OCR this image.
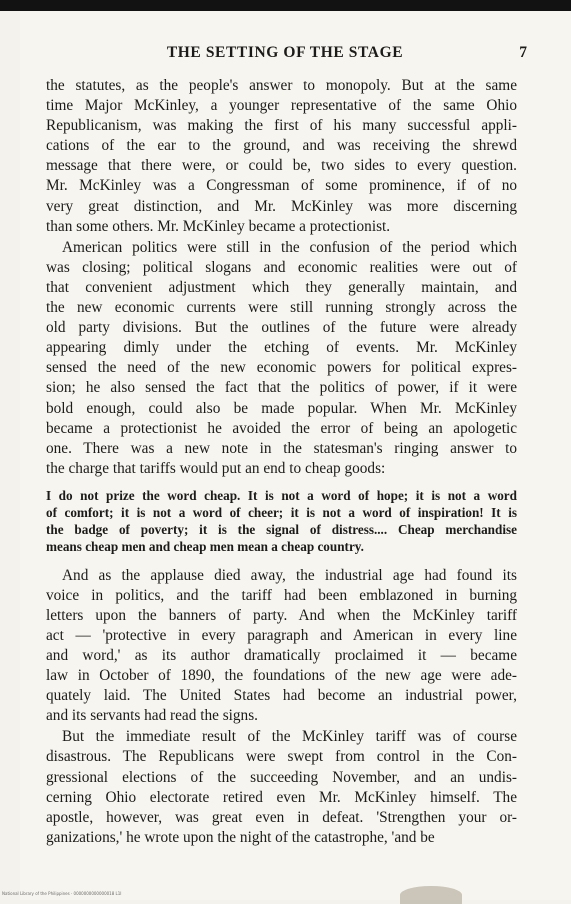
THE SETTING OF THE STAGE	7
the statutes, as the people's answer to monopoly. But at the same
time Major McKinley, a younger representative of the same Ohio
Republicanism, was making the first of his many successful appli-
cations of the ear to the ground, and was receiving the shrewd
message that there were, or could be, two sides to every question.
Mr. McKinley was a Congressman of some prominence, if of no
very great distinction, and Mr. McKinley was more discerning
than some others. Mr. McKinley became a protectionist.
American politics were still in the confusion of the period which
was closing; political slogans and economic realities were out of
that convenient adjustment which they generally maintain, and
the new economic currents were still running strongly across the
old party divisions. But the outlines of the future were already
appearing dimly under the etching of events. Mr. McKinley
sensed the need of the new economic powers for political expres-
sion; he also sensed the fact that the politics of power, if it were
bold enough, could also be made popular. When Mr. McKinley
became a protectionist he avoided the error of being an apologetic
one. There was a new note in the statesman's ringing answer to
the charge that tariffs would put an end to cheap goods:
I do not prize the word cheap. It is not a word of hope; it is not a word
of comfort; it is not a word of cheer; it is not a word of inspiration! It is
the badge of poverty; it is the signal of distress.... Cheap merchandise
means cheap men and cheap men mean a cheap country.
And as the applause died away, the industrial age had found its
voice in politics, and the tariff had been emblazoned in burning
letters upon the banners of party. And when the McKinley tariff
act — 'protective in every paragraph and American in every line
and word,' as its author dramatically proclaimed it — became
law in October of 1890, the foundations of the new age were ade-
quately laid. The United States had become an industrial power,
and its servants had read the signs.
But the immediate result of the McKinley tariff was of course
disastrous. The Republicans were swept from control in the Con-
gressional elections of the succeeding November, and an undis-
cerning Ohio electorate retired even Mr. McKinley himself. The
apostle, however, was great even in defeat. 'Strengthen your or-
ganizations,' he wrote upon the night of the catastrophe, 'and be
National Library of the Philippines · 0000000000000018 L1I
